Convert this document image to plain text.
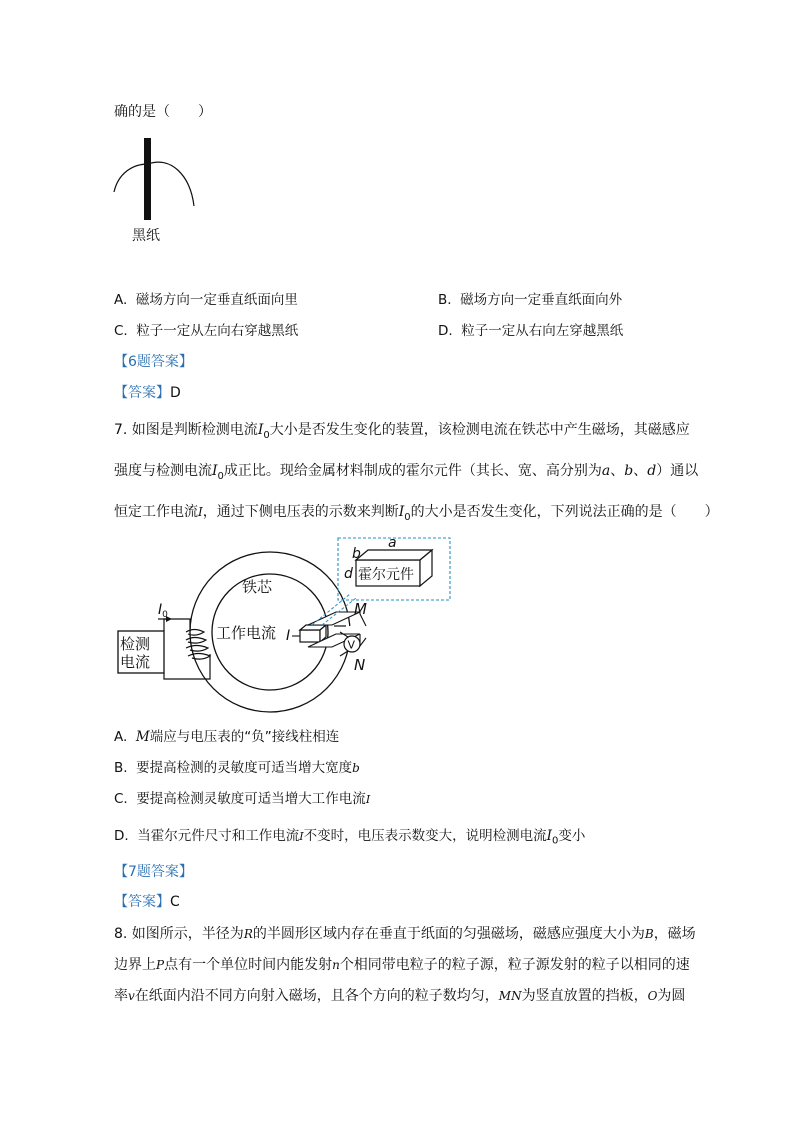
确的是（　　）
黑纸
A. 磁场方向一定垂直纸面向里	B. 磁场方向一定垂直纸面向外
C. 粒子一定从左向右穿越黑纸	D. 粒子一定从右向左穿越黑纸
【6题答案】
【答案】D
7. 如图是判断检测电流$I_0$大小是否发生变化的装置，该检测电流在铁芯中产生磁场，其磁感应
强度与检测电流$I_0$成正比。现给金属材料制成的霍尔元件（其长、宽、高分别为a、b、d）通以
恒定工作电流I，通过下侧电压表的示数来判断$I_0$的大小是否发生变化，下列说法正确的是（　　）
检测
电流
$I_0$
铁芯
工作电流 I
M
N
V
霍尔元件
a
b
d
A. M端应与电压表的“负”接线柱相连
B. 要提高检测的灵敏度可适当增大宽度b
C. 要提高检测灵敏度可适当增大工作电流I
D. 当霍尔元件尺寸和工作电流I不变时，电压表示数变大，说明检测电流$I_0$变小
【7题答案】
【答案】C
8. 如图所示，半径为R的半圆形区域内存在垂直于纸面的匀强磁场，磁感应强度大小为B，磁场
边界上P点有一个单位时间内能发射n个相同带电粒子的粒子源，粒子源发射的粒子以相同的速
率v在纸面内沿不同方向射入磁场，且各个方向的粒子数均匀，MN为竖直放置的挡板，O为圆
